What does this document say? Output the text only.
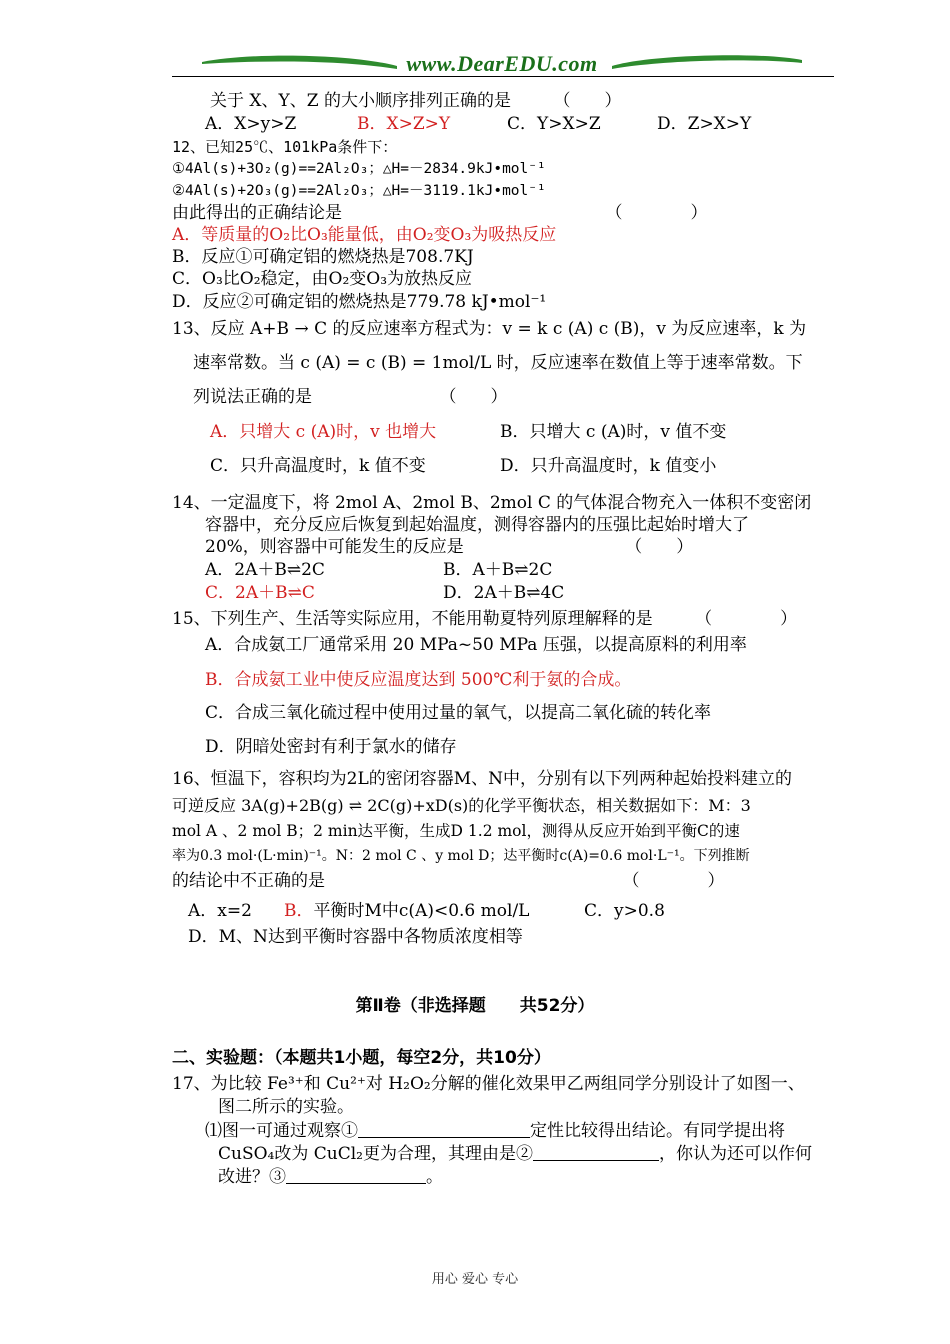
www.DearEDU.com
关于 X、Y、Z 的大小顺序排列正确的是　　　（　　）
A．X>y>Z	B．X>Z>Y	C．Y>X>Z	D．Z>X>Y
12、已知25℃、101kPa条件下：
①4Al(s)+3O₂(g)==2Al₂O₃；△H=－2834.9kJ•mol⁻¹
②4Al(s)+2O₃(g)==2Al₂O₃；△H=－3119.1kJ•mol⁻¹
由此得出的正确结论是　　　　　　　　　　　　　　　　（　　　　）
A．等质量的O₂比O₃能量低，由O₂变O₃为吸热反应
B．反应①可确定铝的燃烧热是708.7KJ
C．O₃比O₂稳定，由O₂变O₃为放热反应
D．反应②可确定铝的燃烧热是779.78 kJ•mol⁻¹
13、反应 A+B → C 的反应速率方程式为：v = k c (A) c (B)，v 为反应速率，k 为
速率常数。当 c (A) = c (B) = 1mol/L 时，反应速率在数值上等于速率常数。下
列说法正确的是　　　　　　　　（　　）
A．只增大 c (A)时，v 也增大	B．只增大 c (A)时，v 值不变
C．只升高温度时，k 值不变	D．只升高温度时，k 值变小
14、一定温度下，将 2mol A、2mol B、2mol C 的气体混合物充入一体积不变密闭
容器中，充分反应后恢复到起始温度，测得容器内的压强比起始时增大了
20%，则容器中可能发生的反应是　　　　　　　　　　（　　）
A．2A＋B⇌2C	B．A＋B⇌2C
C．2A＋B⇌C	D．2A＋B⇌4C
15、下列生产、生活等实际应用，不能用勒夏特列原理解释的是　　　（　　　　）
A．合成氨工厂通常采用 20 MPa~50 MPa 压强，以提高原料的利用率
B．合成氨工业中使反应温度达到 500℃利于氨的合成。
C．合成三氧化硫过程中使用过量的氧气，以提高二氧化硫的转化率
D．阴暗处密封有利于氯水的储存
16、恒温下，容积均为2L的密闭容器M、N中，分别有以下列两种起始投料建立的
可逆反应 3A(g)+2B(g) ⇌ 2C(g)+xD(s)的化学平衡状态，相关数据如下：M：3
mol A 、2 mol B；2 min达平衡，生成D 1.2 mol，测得从反应开始到平衡C的速
率为0.3 mol·(L·min)⁻¹。N：2 mol C 、y mol D；达平衡时c(A)=0.6 mol·L⁻¹。下列推断
的结论中不正确的是　　　　　　　　　　　　　　　　　　（　　　　）
A．x=2 B．平衡时M中c(A)<0.6 mol/L	C．y>0.8
D．M、N达到平衡时容器中各物质浓度相等
第Ⅱ卷（非选择题　　共52分）
二、实验题：（本题共1小题，每空2分，共10分）
17、为比较 Fe³⁺和 Cu²⁺对 H₂O₂分解的催化效果甲乙两组同学分别设计了如图一、
图二所示的实验。
⑴图一可通过观察①	定性比较得出结论。有同学提出将
CuSO₄改为 CuCl₂更为合理，其理由是②	，你认为还可以作何
改进？③	。
用心 爱心 专心
